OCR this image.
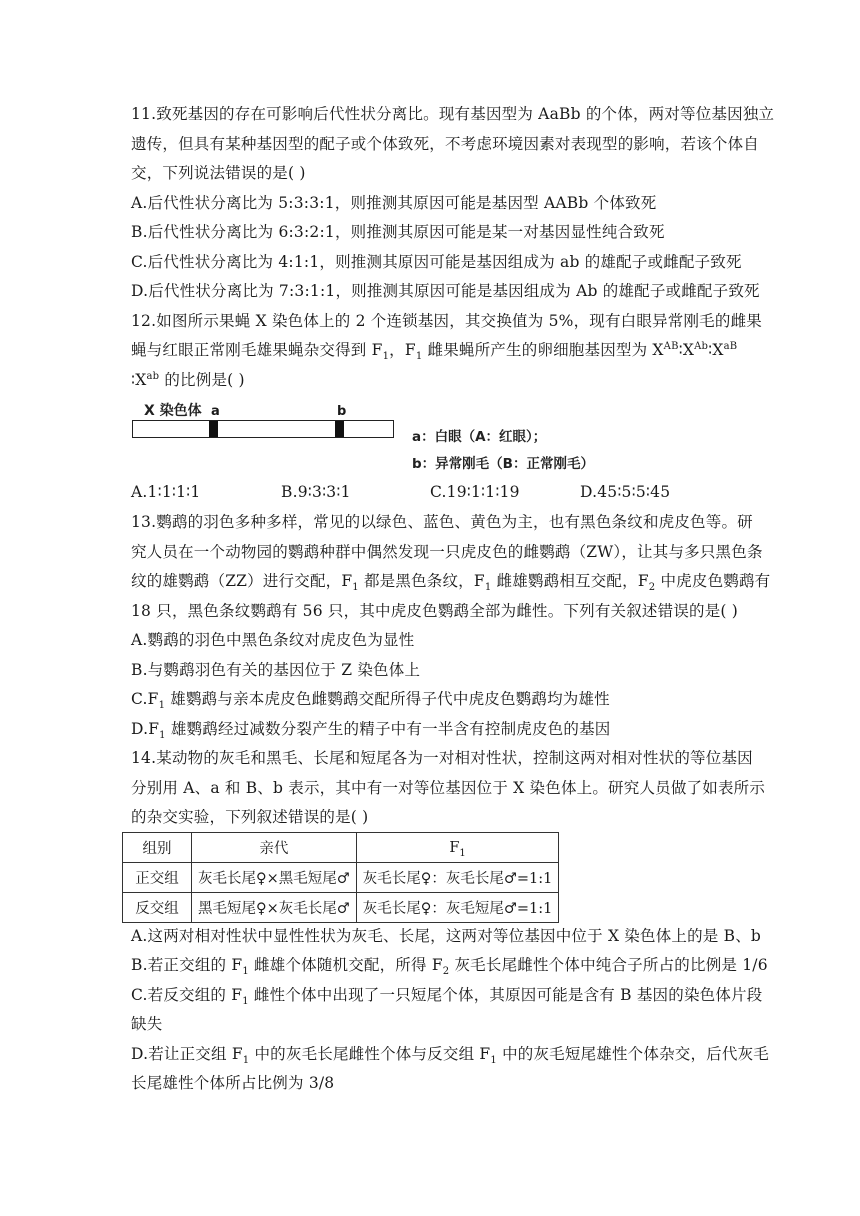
11.致死基因的存在可影响后代性状分离比。现有基因型为 AaBb 的个体，两对等位基因独立
遗传，但具有某种基因型的配子或个体致死，不考虑环境因素对表现型的影响，若该个体自
交，下列说法错误的是( )
A.后代性状分离比为 5:3:3:1，则推测其原因可能是基因型 AABb 个体致死
B.后代性状分离比为 6:3:2:1，则推测其原因可能是某一对基因显性纯合致死
C.后代性状分离比为 4:1:1，则推测其原因可能是基因组成为 ab 的雄配子或雌配子致死
D.后代性状分离比为 7:3:1:1，则推测其原因可能是基因组成为 Ab 的雄配子或雌配子致死
12.如图所示果蝇 X 染色体上的 2 个连锁基因，其交换值为 5%，现有白眼异常刚毛的雌果
蝇与红眼正常刚毛雄果蝇杂交得到 $F_1$，$F_1$ 雌果蝇所产生的卵细胞基因型为 $X^{AB}∶X^{Ab}∶X^{aB}$
$∶X^{ab}$ 的比例是( )
X 染色体 a	b
a：白眼（A：红眼）；
b：异常刚毛（B：正常刚毛）
A.1∶1∶1∶1	B.9∶3∶3∶1	C.19∶1∶1∶19	D.45∶5∶5∶45
13.鹦鹉的羽色多种多样，常见的以绿色、蓝色、黄色为主，也有黑色条纹和虎皮色等。研
究人员在一个动物园的鹦鹉种群中偶然发现一只虎皮色的雌鹦鹉（ZW），让其与多只黑色条
纹的雄鹦鹉（ZZ）进行交配，$F_1$ 都是黑色条纹，$F_1$ 雌雄鹦鹉相互交配，$F_2$ 中虎皮色鹦鹉有
18 只，黑色条纹鹦鹉有 56 只，其中虎皮色鹦鹉全部为雌性。下列有关叙述错误的是( )
A.鹦鹉的羽色中黑色条纹对虎皮色为显性
B.与鹦鹉羽色有关的基因位于 Z 染色体上
$C.F_1$ 雄鹦鹉与亲本虎皮色雌鹦鹉交配所得子代中虎皮色鹦鹉均为雄性
$D.F_1$ 雄鹦鹉经过减数分裂产生的精子中有一半含有控制虎皮色的基因
14.某动物的灰毛和黑毛、长尾和短尾各为一对相对性状，控制这两对相对性状的等位基因
分别用 A、a 和 B、b 表示，其中有一对等位基因位于 X 染色体上。研究人员做了如表所示
的杂交实验，下列叙述错误的是( )
组别	亲代	$F_1$
正交组	灰毛长尾♀×黑毛短尾♂	灰毛长尾♀：灰毛长尾♂=1:1
反交组	黑毛短尾♀×灰毛长尾♂	灰毛长尾♀：灰毛短尾♂=1:1
A.这两对相对性状中显性性状为灰毛、长尾，这两对等位基因中位于 X 染色体上的是 B、b
B.若正交组的 $F_1$ 雌雄个体随机交配，所得 $F_2$ 灰毛长尾雌性个体中纯合子所占的比例是 1/6
C.若反交组的 $F_1$ 雌性个体中出现了一只短尾个体，其原因可能是含有 B 基因的染色体片段
缺失
D.若让正交组 $F_1$ 中的灰毛长尾雌性个体与反交组 $F_1$ 中的灰毛短尾雄性个体杂交，后代灰毛
长尾雄性个体所占比例为 3/8
